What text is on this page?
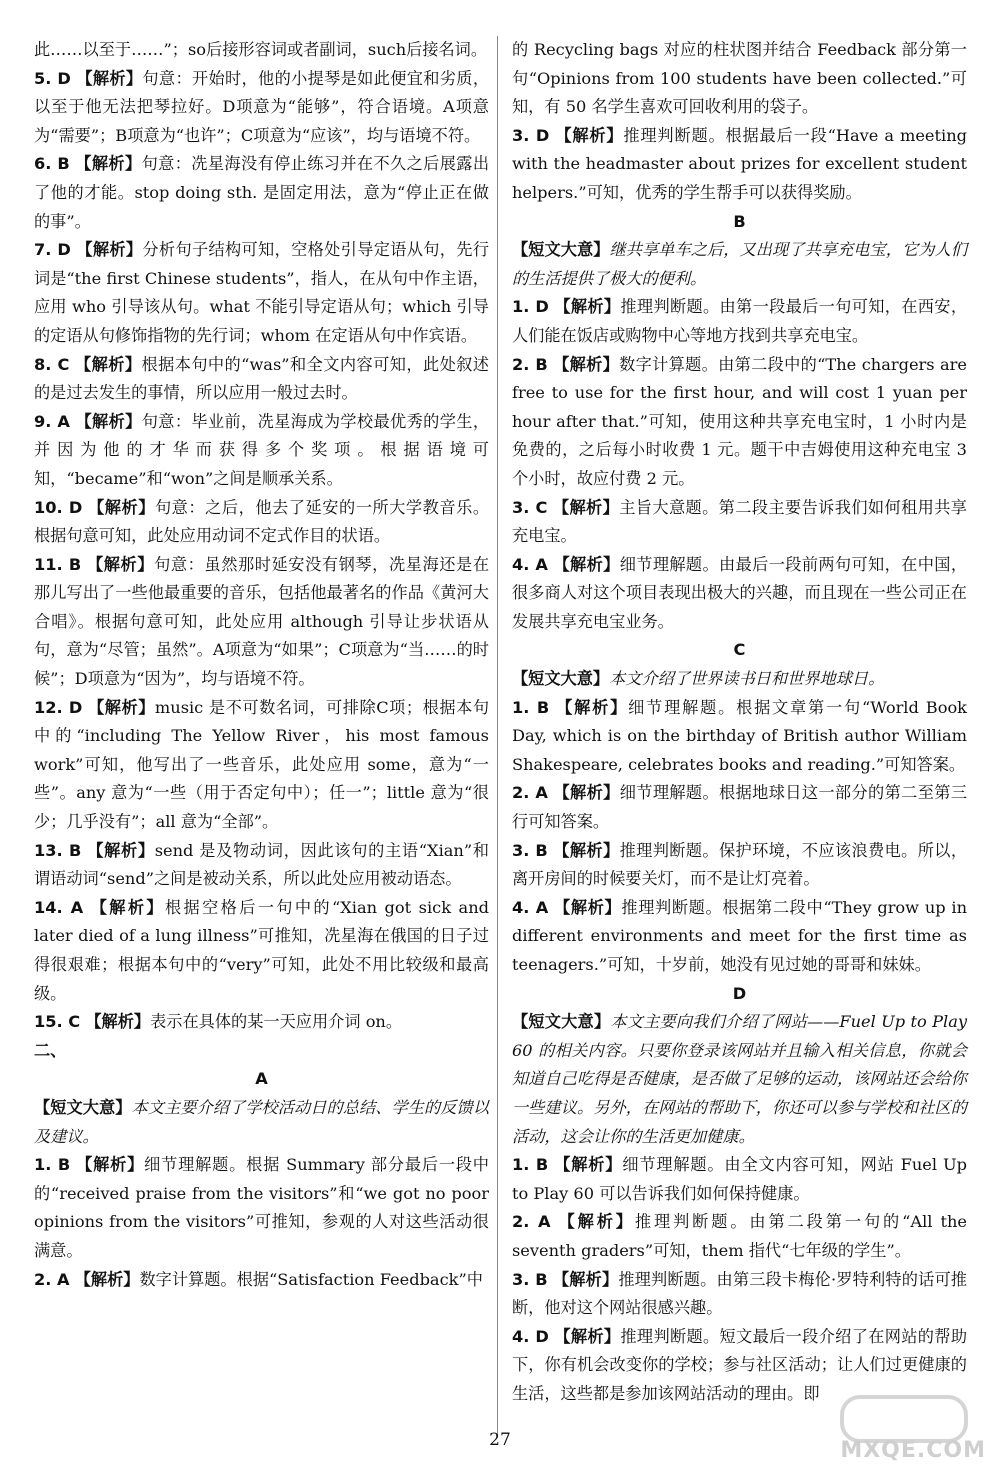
此……以至于……”；so后接形容词或者副词，such后接名词。

5. D 【解析】句意：开始时，他的小提琴是如此便宜和劣质，以至于他无法把琴拉好。D项意为“能够”，符合语境。A项意为“需要”；B项意为“也许”；C项意为“应该”，均与语境不符。

6. B 【解析】句意：冼星海没有停止练习并在不久之后展露出了他的才能。stop doing sth. 是固定用法，意为“停止正在做的事”。

7. D 【解析】分析句子结构可知，空格处引导定语从句，先行词是“the first Chinese students”，指人，在从句中作主语，应用 who 引导该从句。what 不能引导定语从句；which 引导的定语从句修饰指物的先行词；whom 在定语从句中作宾语。

8. C 【解析】根据本句中的“was”和全文内容可知，此处叙述的是过去发生的事情，所以应用一般过去时。

9. A 【解析】句意：毕业前，冼星海成为学校最优秀的学生，并因为他的才华而获得多个奖项。根据语境可知，“became”和“won”之间是顺承关系。

10. D 【解析】句意：之后，他去了延安的一所大学教音乐。根据句意可知，此处应用动词不定式作目的状语。

11. B 【解析】句意：虽然那时延安没有钢琴，冼星海还是在那儿写出了一些他最重要的音乐，包括他最著名的作品《黄河大合唱》。根据句意可知，此处应用 although 引导让步状语从句，意为“尽管；虽然”。A项意为“如果”；C项意为“当……的时候”；D项意为“因为”，均与语境不符。

12. D 【解析】music 是不可数名词，可排除C项；根据本句中的“including The Yellow River，his most famous work”可知，他写出了一些音乐，此处应用 some，意为“一些”。any 意为“一些（用于否定句中）；任一”；little 意为“很少；几乎没有”；all 意为“全部”。

13. B 【解析】send 是及物动词，因此该句的主语“Xian”和谓语动词“send”之间是被动关系，所以此处应用被动语态。

14. A 【解析】根据空格后一句中的“Xian got sick and later died of a lung illness”可推知，冼星海在俄国的日子过得很艰难；根据本句中的“very”可知，此处不用比较级和最高级。

15. C 【解析】表示在具体的某一天应用介词 on。

二、

A

【短文大意】本文主要介绍了学校活动日的总结、学生的反馈以及建议。

1. B 【解析】细节理解题。根据 Summary 部分最后一段中的“received praise from the visitors”和“we got no poor opinions from the visitors”可推知，参观的人对这些活动很满意。

2. A 【解析】数字计算题。根据“Satisfaction Feedback”中

的 Recycling bags 对应的柱状图并结合 Feedback 部分第一句“Opinions from 100 students have been collected.”可知，有 50 名学生喜欢可回收利用的袋子。

3. D 【解析】推理判断题。根据最后一段“Have a meeting with the headmaster about prizes for excellent student helpers.”可知，优秀的学生帮手可以获得奖励。

B

【短文大意】继共享单车之后，又出现了共享充电宝，它为人们的生活提供了极大的便利。

1. D 【解析】推理判断题。由第一段最后一句可知，在西安，人们能在饭店或购物中心等地方找到共享充电宝。

2. B 【解析】数字计算题。由第二段中的“The chargers are free to use for the first hour, and will cost 1 yuan per hour after that.”可知，使用这种共享充电宝时，1 小时内是免费的，之后每小时收费 1 元。题干中吉姆使用这种充电宝 3 个小时，故应付费 2 元。

3. C 【解析】主旨大意题。第二段主要告诉我们如何租用共享充电宝。

4. A 【解析】细节理解题。由最后一段前两句可知，在中国，很多商人对这个项目表现出极大的兴趣，而且现在一些公司正在发展共享充电宝业务。

C

【短文大意】本文介绍了世界读书日和世界地球日。

1. B 【解析】细节理解题。根据文章第一句“World Book Day, which is on the birthday of British author William Shakespeare, celebrates books and reading.”可知答案。

2. A 【解析】细节理解题。根据地球日这一部分的第二至第三行可知答案。

3. B 【解析】推理判断题。保护环境，不应该浪费电。所以，离开房间的时候要关灯，而不是让灯亮着。

4. A 【解析】推理判断题。根据第二段中“They grow up in different environments and meet for the first time as teenagers.”可知，十岁前，她没有见过她的哥哥和妹妹。

D

【短文大意】本文主要向我们介绍了网站——Fuel Up to Play 60 的相关内容。只要你登录该网站并且输入相关信息，你就会知道自己吃得是否健康，是否做了足够的运动，该网站还会给你一些建议。另外，在网站的帮助下，你还可以参与学校和社区的活动，这会让你的生活更加健康。

1. B 【解析】细节理解题。由全文内容可知，网站 Fuel Up to Play 60 可以告诉我们如何保持健康。

2. A 【解析】推理判断题。由第二段第一句的“All the seventh graders”可知，them 指代“七年级的学生”。

3. B 【解析】推理判断题。由第三段卡梅伦·罗特利特的话可推断，他对这个网站很感兴趣。

4. D 【解析】推理判断题。短文最后一段介绍了在网站的帮助下，你有机会改变你的学校；参与社区活动；让人们过更健康的生活，这些都是参加该网站活动的理由。即

27	MXQE.COM
